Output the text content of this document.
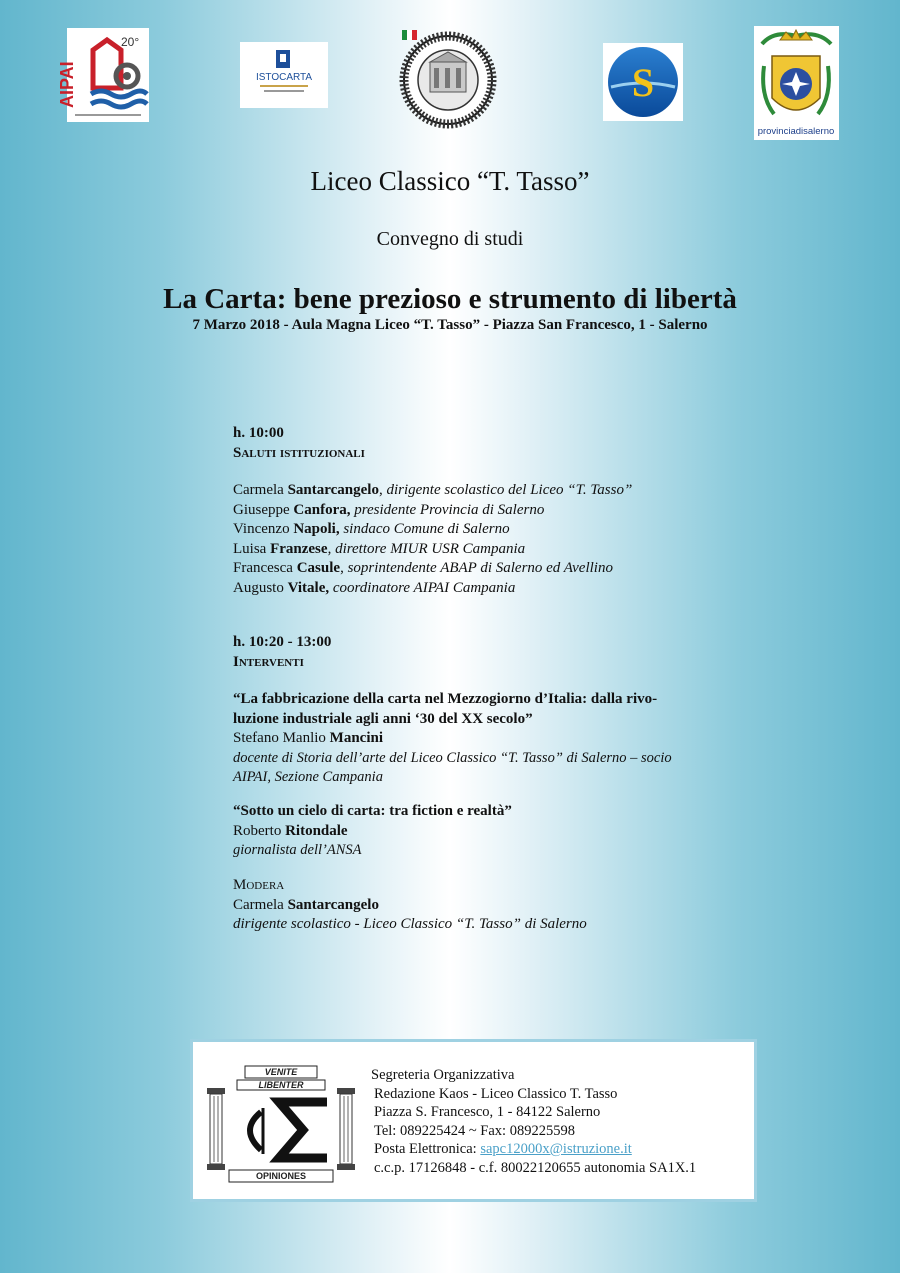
AIPAI
20°
ISTOCARTA	S
provinciadisalerno
Liceo Classico “T. Tasso”
Convegno di studi
La Carta: bene prezioso e strumento di libertà
7 Marzo 2018 - Aula Magna Liceo “T. Tasso” - Piazza San Francesco, 1 - Salerno
h. 10:00
Saluti istituzionali
Carmela Santarcangelo, dirigente scolastico del Liceo “T. Tasso”
Giuseppe Canfora, presidente Provincia di Salerno
Vincenzo Napoli, sindaco Comune di Salerno
Luisa Franzese, direttore MIUR USR Campania
Francesca Casule, soprintendente ABAP di Salerno ed Avellino
Augusto Vitale, coordinatore AIPAI Campania
h. 10:20 - 13:00
Interventi
“La fabbricazione della carta nel Mezzogiorno d’Italia: dalla rivo-
luzione industriale agli anni ‘30 del XX secolo”
Stefano Manlio Mancini
docente di Storia dell’arte del Liceo Classico “T. Tasso” di Salerno – socio
AIPAI, Sezione Campania
“Sotto un cielo di carta: tra fiction e realtà”
Roberto Ritondale
giornalista dell’ANSA
Modera
Carmela Santarcangelo
dirigente scolastico - Liceo Classico “T. Tasso” di Salerno
VENITE
LIBENTER
OPINIONES
Segreteria Organizzativa
Redazione Kaos - Liceo Classico T. Tasso
Piazza S. Francesco, 1 - 84122 Salerno
Tel: 089225424 ~ Fax: 089225598
Posta Elettronica: sapc12000x@istruzione.it
c.c.p. 17126848 - c.f. 80022120655 autonomia SA1X.1
